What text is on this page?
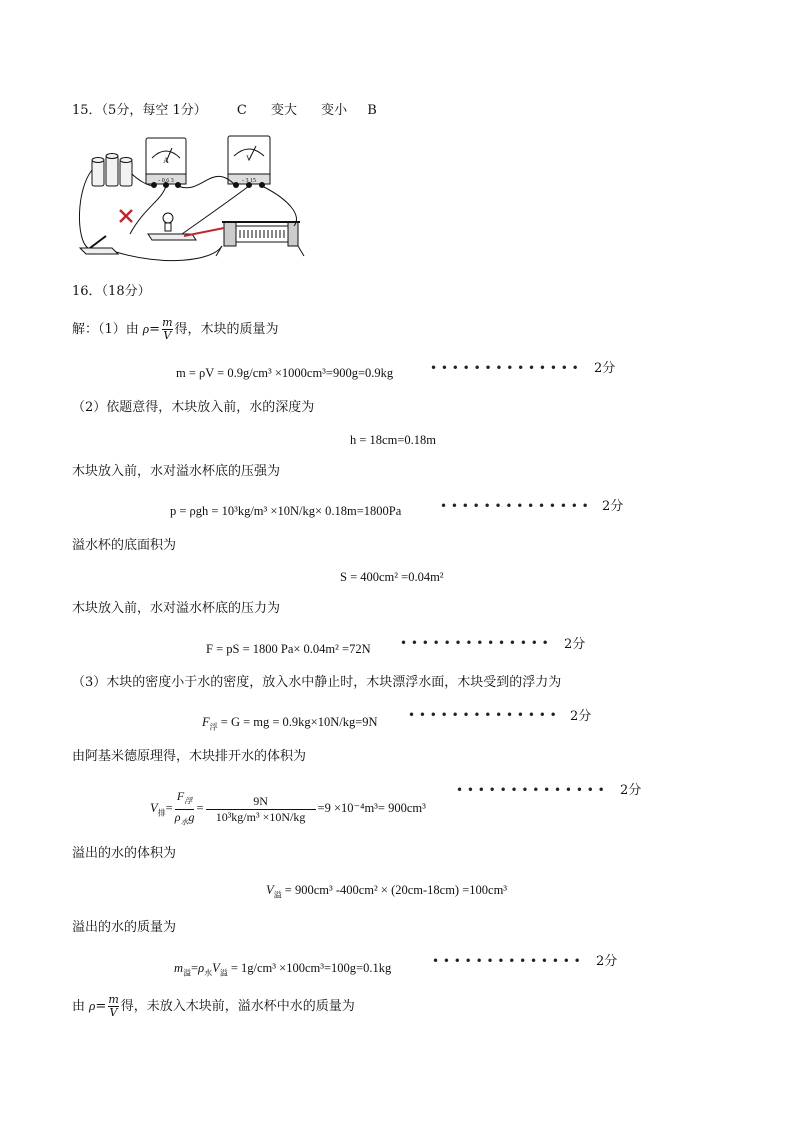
15．（5分，每空 1分） C 变大 变小 B
A
- 0.6 3
V
- 3 15
16．（18分）
解：（1）由 $\rho= \frac{m}{V}$ 得，木块的质量为
m = ρV = 0.9g/cm³ ×1000cm³=900g=0.9kg	• • • • • • • • • • • • • • 2分
（2）依题意得，木块放入前，水的深度为
h = 18cm=0.18m
木块放入前，水对溢水杯底的压强为
p = ρgh = 10³kg/m³ ×10N/kg× 0.18m=1800Pa	• • • • • • • • • • • • • • 2分
溢水杯的底面积为
S = 400cm² =0.04m²
木块放入前，水对溢水杯底的压力为
F = pS = 1800 Pa× 0.04m² =72N • • • • • • • • • • • • • • 2分
（3）木块的密度小于水的密度，放入水中静止时，木块漂浮水面，木块受到的浮力为
$F_浮 = G$ = mg = 0.9kg×10N/kg=9N	• • • • • • • • • • • • • • 2分
由阿基米德原理得，木块排开水的体积为
$V_排= \frac{F_浮}{\rho_水g} = \frac{9N}{\text{10³kg/m³ ×10N/kg}} =9 \times 10^{-4}m^3= 900cm^3$
• • • • • • • • • • • • • • 2分
溢出的水的体积为
$V_溢 = 900cm^3$ -400cm² × (20cm-18cm) =100cm³
溢出的水的质量为
$m_溢=\rho_水V_溢 = 1g/cm^3 \times 100cm^3=100g=0.1kg$	• • • • • • • • • • • • • • 2分
由 $\rho= \frac{m}{V}$ 得，未放入木块前，溢水杯中水的质量为
